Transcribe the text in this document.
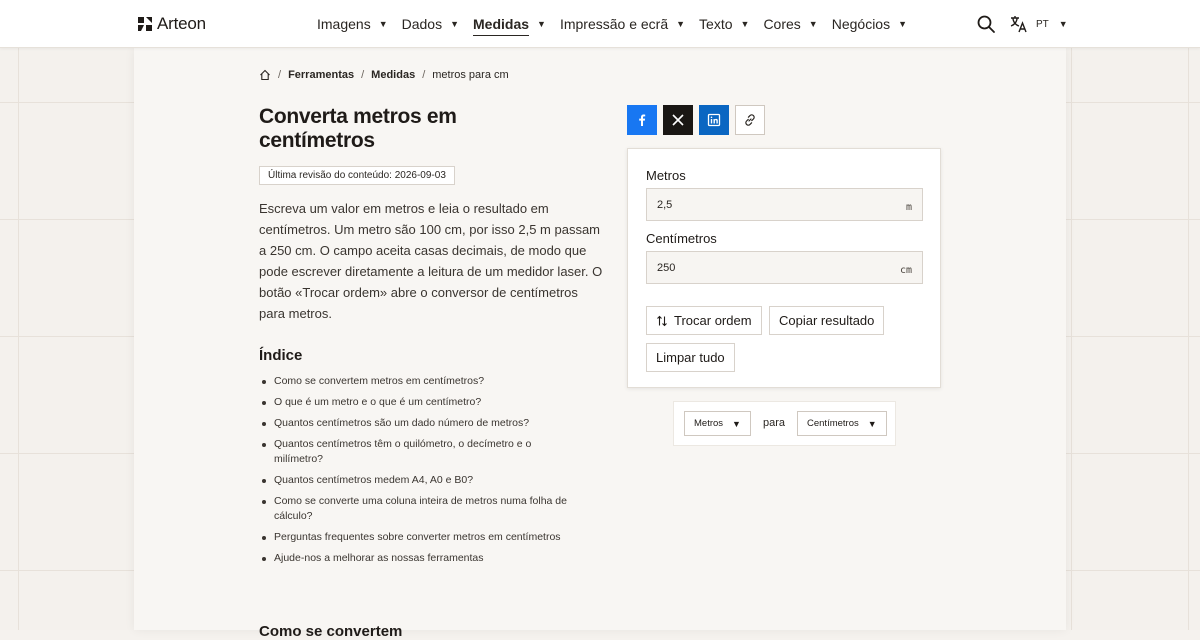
Arteon	Imagens ▼ Dados ▼ Medidas ▼ Impressão e ecrã ▼ Texto ▼ Cores ▼ Negócios ▼	PT ▼
/ Ferramentas / Medidas / metros para cm
Converta metros em centímetros
Última revisão do conteúdo: 2026-09-03

Escreva um valor em metros e leia o resultado em centímetros. Um metro são 100 cm, por isso 2,5 m passam a 250 cm. O campo aceita casas decimais, de modo que pode escrever diretamente a leitura de um medidor laser. O botão «Trocar ordem» abre o conversor de centímetros para metros.

Índice
Como se convertem metros em centímetros?
O que é um metro e o que é um centímetro?
Quantos centímetros são um dado número de metros?
Quantos centímetros têm o quilómetro, o decímetro e o milímetro?
Quantos centímetros medem A4, A0 e B0?
Como se converte uma coluna inteira de metros numa folha de cálculo?
Perguntas frequentes sobre converter metros em centímetros
Ajude-nos a melhorar as nossas ferramentas
Como se convertem
Metros
2,5
m
Centímetros
250
cm
Trocar ordem Copiar resultado
Limpar tudo
Metros ▼ para Centímetros ▼
